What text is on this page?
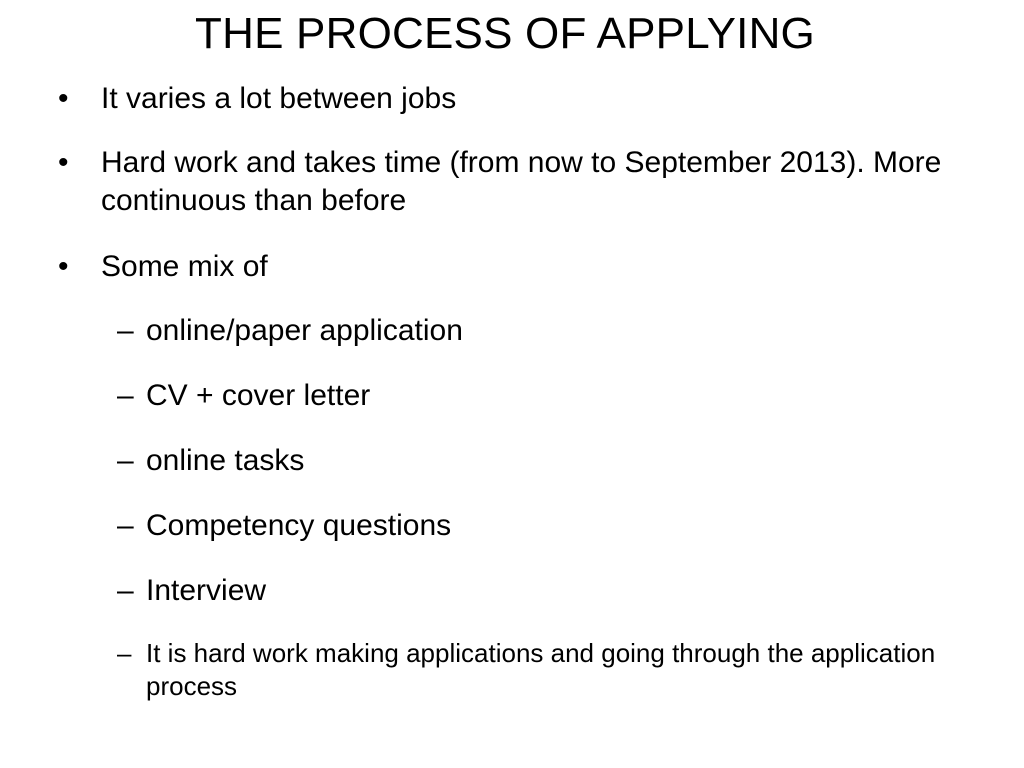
THE PROCESS OF APPLYING
•	It varies a lot between jobs
•	Hard work and takes time (from now to September 2013). More continuous than before
•	Some mix of
– online/paper application
– CV + cover letter
– online tasks
– Competency questions
– Interview
– It is hard work making applications and going through the application process
